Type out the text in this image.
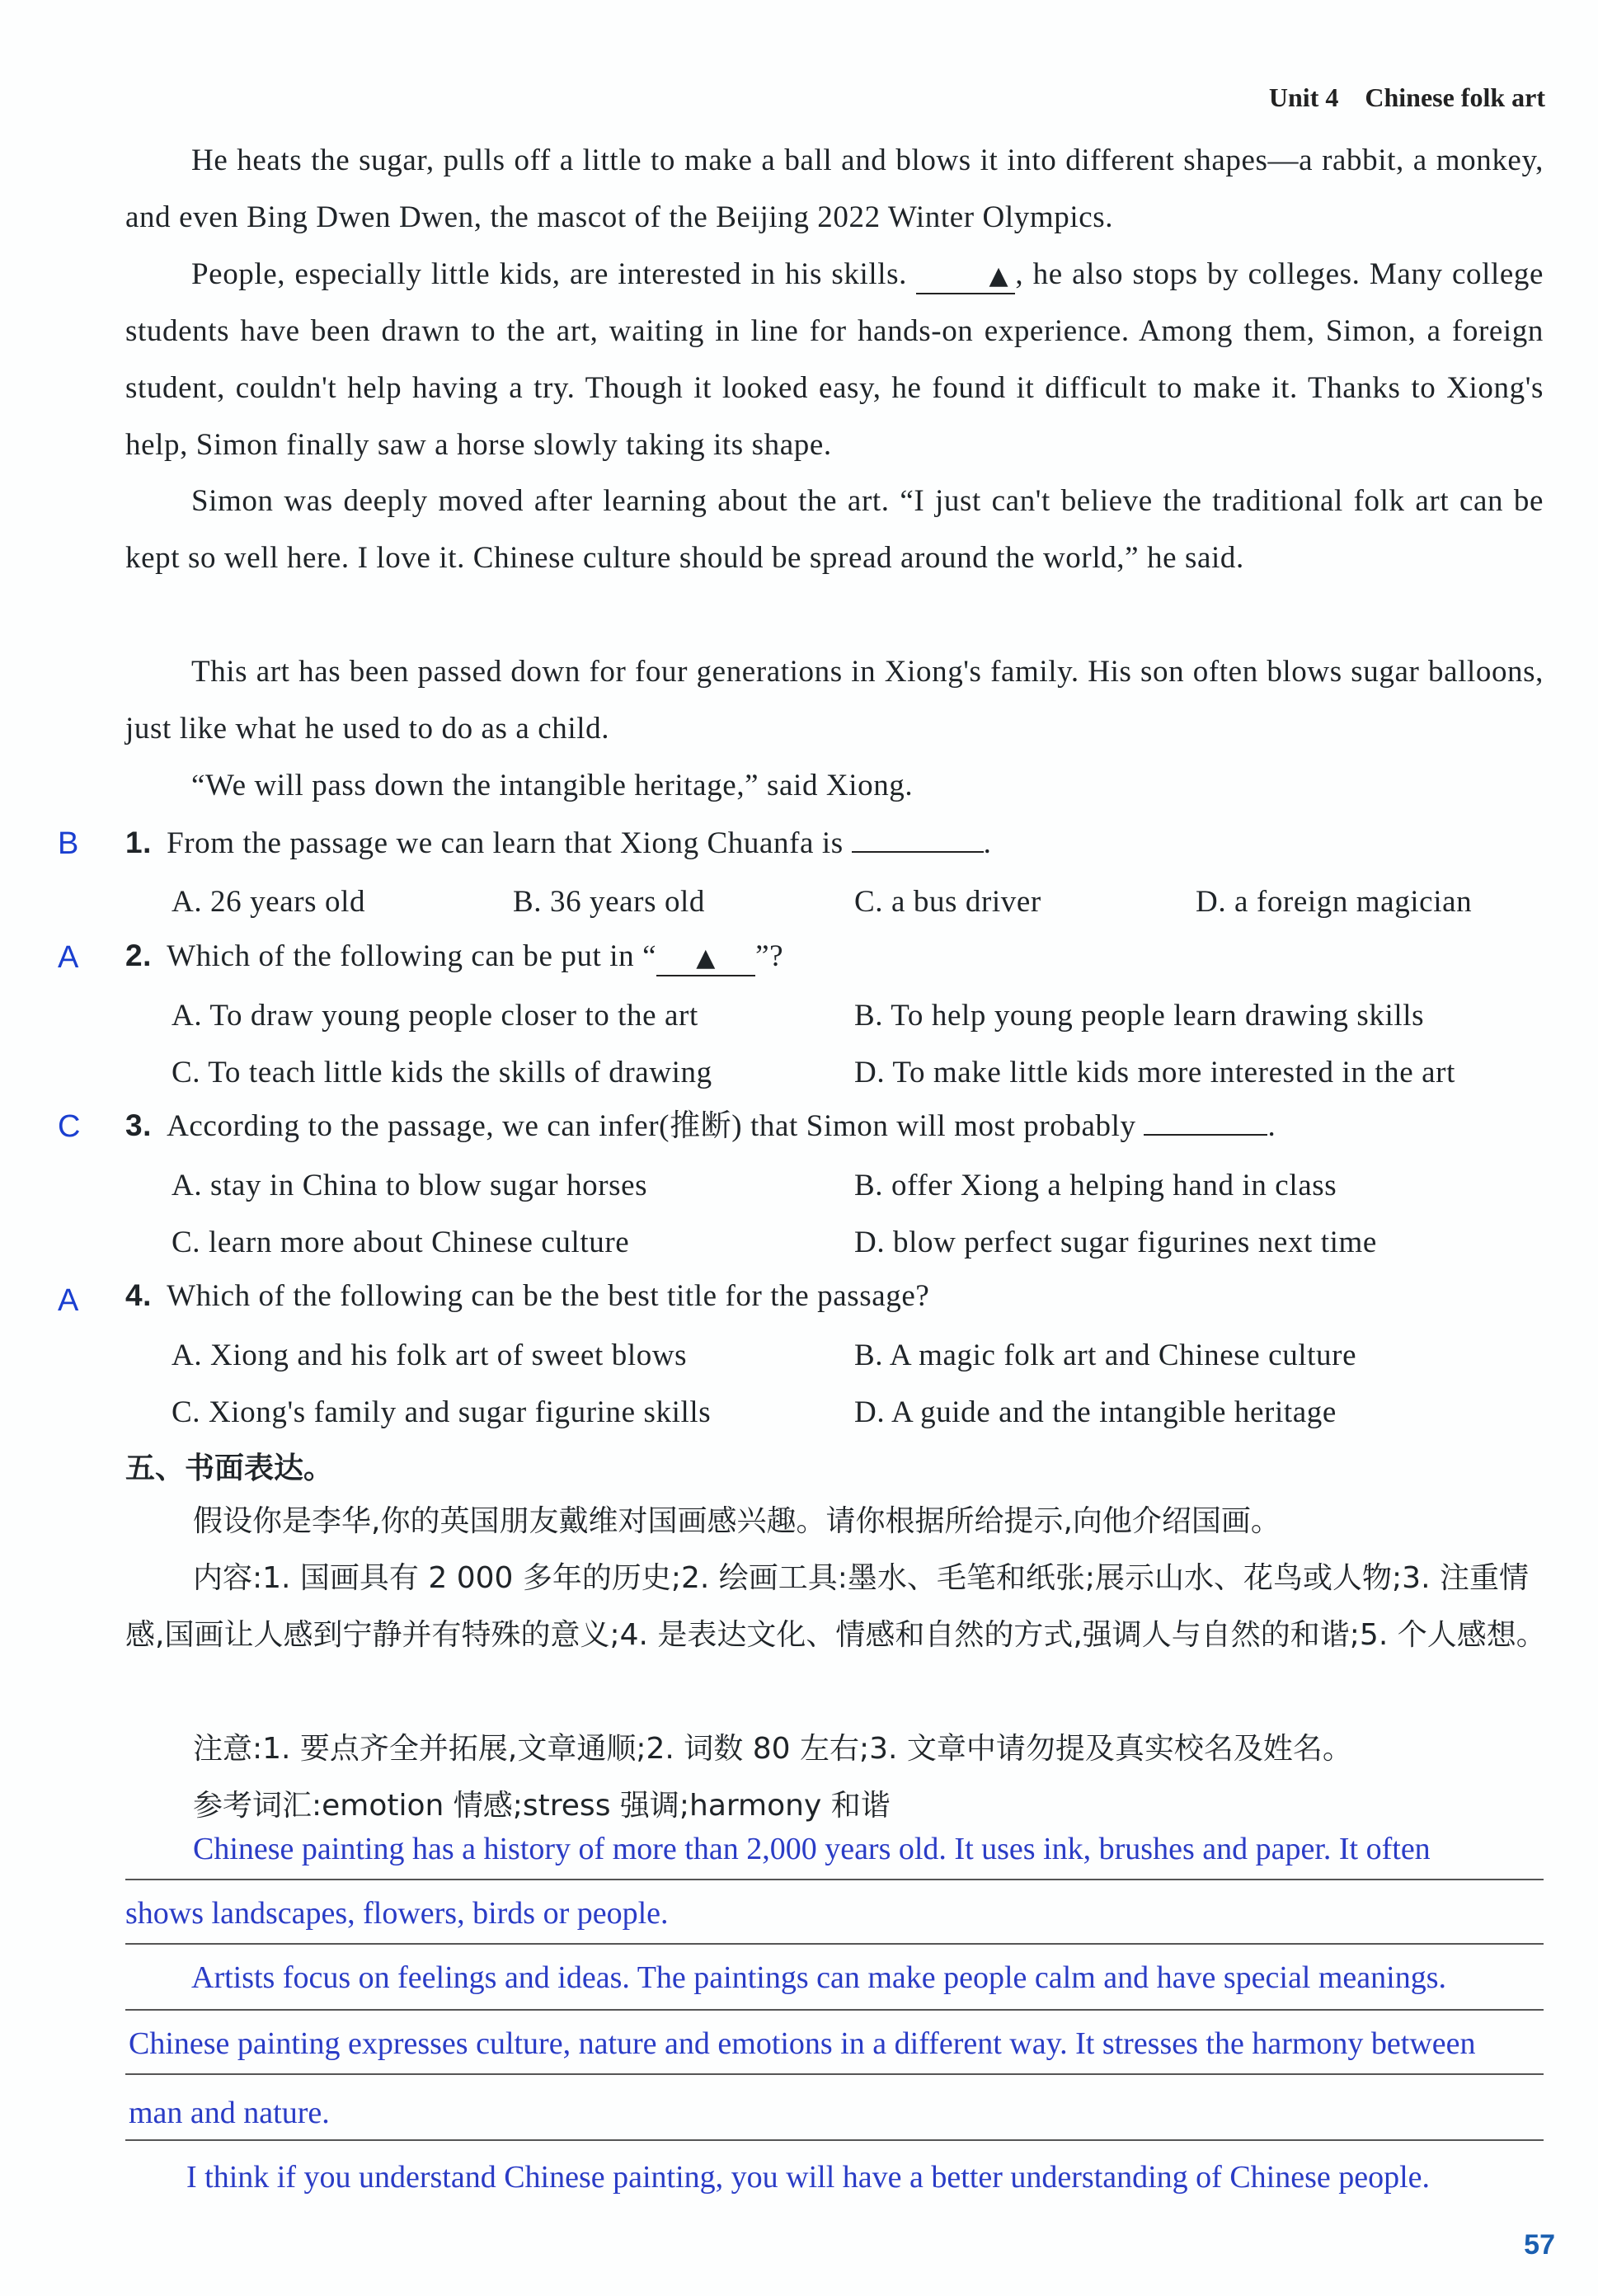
Unit 4 Chinese folk art
He heats the sugar, pulls off a little to make a ball and blows it into different shapes—a rabbit, a monkey, and even Bing Dwen Dwen, the mascot of the Beijing 2022 Winter Olympics.
People, especially little kids, are interested in his skills.	▲ , he also stops by colleges. Many college students have been drawn to the art, waiting in line for hands-on experience. Among them, Simon, a foreign student, couldn't help having a try. Though it looked easy, he found it difficult to make it. Thanks to Xiong's help, Simon finally saw a horse slowly taking its shape.
Simon was deeply moved after learning about the art. “I just can't believe the traditional folk art can be kept so well here. I love it. Chinese culture should be spread around the world,” he said.
This art has been passed down for four generations in Xiong's family. His son often blows sugar balloons, just like what he used to do as a child.
“We will pass down the intangible heritage,” said Xiong.
B 1. From the passage we can learn that Xiong Chuanfa is	.
A. 26 years old	B. 36 years old	C. a bus driver	D. a foreign magician
A 2. Which of the following can be put in “ ▲ ”?
A. To draw young people closer to the art	B. To help young people learn drawing skills
C. To teach little kids the skills of drawing	D. To make little kids more interested in the art
C 3. According to the passage, we can infer(推断) that Simon will most probably	.
A. stay in China to blow sugar horses	B. offer Xiong a helping hand in class
C. learn more about Chinese culture	D. blow perfect sugar figurines next time
A 4. Which of the following can be the best title for the passage?
A. Xiong and his folk art of sweet blows	B. A magic folk art and Chinese culture
C. Xiong's family and sugar figurine skills	D. A guide and the intangible heritage
五、书面表达。
假设你是李华,你的英国朋友戴维对国画感兴趣。请你根据所给提示,向他介绍国画。
内容:1. 国画具有 2 000 多年的历史;2. 绘画工具:墨水、毛笔和纸张;展示山水、花鸟或人物;3. 注重情感,国画让人感到宁静并有特殊的意义;4. 是表达文化、情感和自然的方式,强调人与自然的和谐;5. 个人感想。
注意:1. 要点齐全并拓展,文章通顺;2. 词数 80 左右;3. 文章中请勿提及真实校名及姓名。
参考词汇:emotion 情感;stress 强调;harmony 和谐
Chinese painting has a history of more than 2,000 years old. It uses ink, brushes and paper. It often
shows landscapes, flowers, birds or people.
Artists focus on feelings and ideas. The paintings can make people calm and have special meanings.
Chinese painting expresses culture, nature and emotions in a different way. It stresses the harmony between
man and nature.
I think if you understand Chinese painting, you will have a better understanding of Chinese people.
57
